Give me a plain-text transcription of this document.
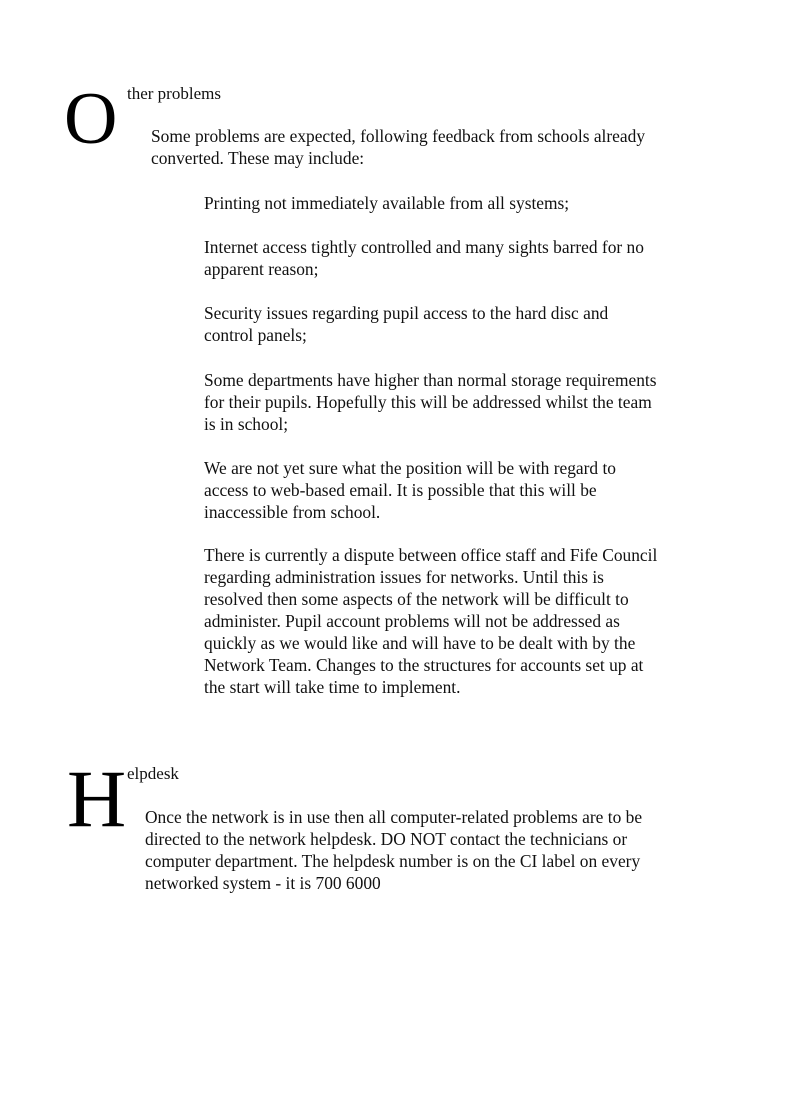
O ther problems

Some problems are expected, following feedback from schools already
converted. These may include:

Printing not immediately available from all systems;

Internet access tightly controlled and many sights barred for no
apparent reason;

Security issues regarding pupil access to the hard disc and
control panels;

Some departments have higher than normal storage requirements
for their pupils. Hopefully this will be addressed whilst the team
is in school;

We are not yet sure what the position will be with regard to
access to web-based email. It is possible that this will be
inaccessible from school.

There is currently a dispute between office staff and Fife Council
regarding administration issues for networks. Until this is
resolved then some aspects of the network will be difficult to
administer. Pupil account problems will not be addressed as
quickly as we would like and will have to be dealt with by the
Network Team. Changes to the structures for accounts set up at
the start will take time to implement.

H elpdesk

Once the network is in use then all computer-related problems are to be
directed to the network helpdesk. DO NOT contact the technicians or
computer department. The helpdesk number is on the CI label on every
networked system - it is 700 6000
